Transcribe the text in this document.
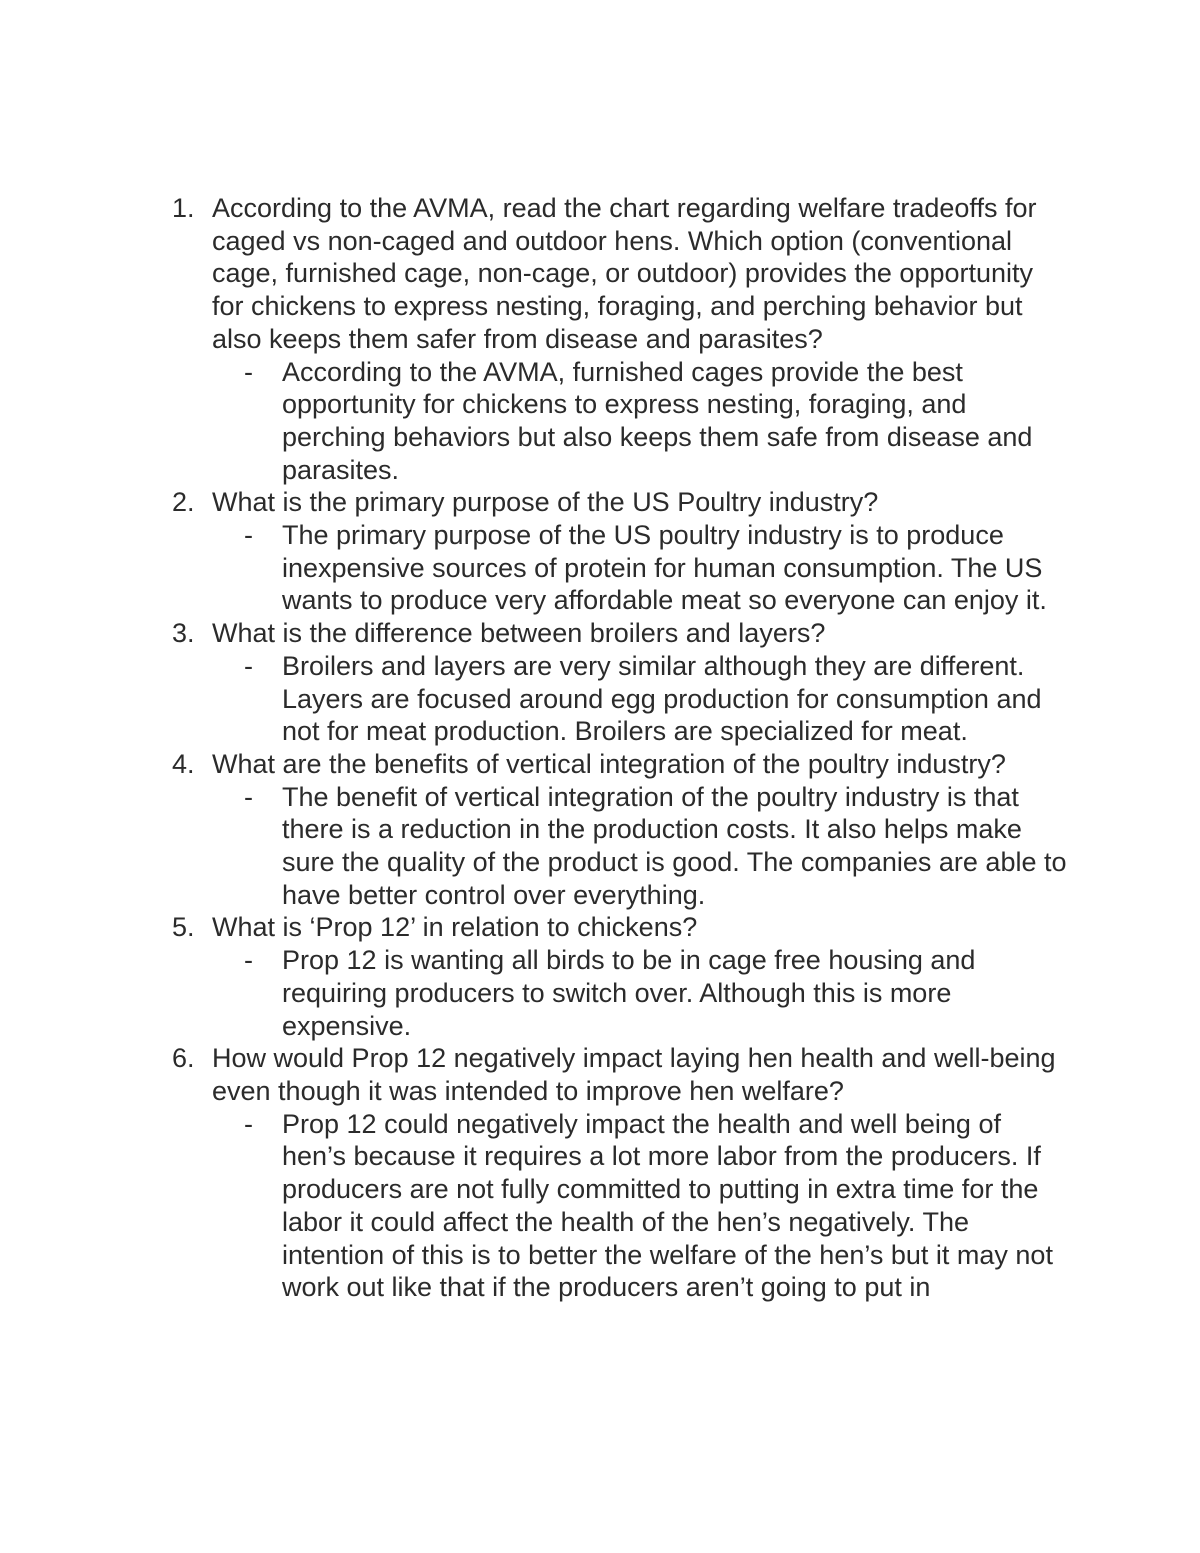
1. According to the AVMA, read the chart regarding welfare tradeoffs for caged vs non-caged and outdoor hens. Which option (conventional cage, furnished cage, non-cage, or outdoor) provides the opportunity for chickens to express nesting, foraging, and perching behavior but also keeps them safer from disease and parasites?

- According to the AVMA, furnished cages provide the best opportunity for chickens to express nesting, foraging, and perching behaviors but also keeps them safe from disease and parasites.

2. What is the primary purpose of the US Poultry industry?

- The primary purpose of the US poultry industry is to produce inexpensive sources of protein for human consumption. The US wants to produce very affordable meat so everyone can enjoy it.

3. What is the difference between broilers and layers?

- Broilers and layers are very similar although they are different. Layers are focused around egg production for consumption and not for meat production. Broilers are specialized for meat.

4. What are the benefits of vertical integration of the poultry industry?

- The benefit of vertical integration of the poultry industry is that there is a reduction in the production costs. It also helps make sure the quality of the product is good. The companies are able to have better control over everything.

5. What is ‘Prop 12’ in relation to chickens?

- Prop 12 is wanting all birds to be in cage free housing and requiring producers to switch over. Although this is more expensive.

6. How would Prop 12 negatively impact laying hen health and well-being even though it was intended to improve hen welfare?

- Prop 12 could negatively impact the health and well being of hen’s because it requires a lot more labor from the producers. If producers are not fully committed to putting in extra time for the labor it could affect the health of the hen’s negatively. The intention of this is to better the welfare of the hen’s but it may not work out like that if the producers aren’t going to put in
